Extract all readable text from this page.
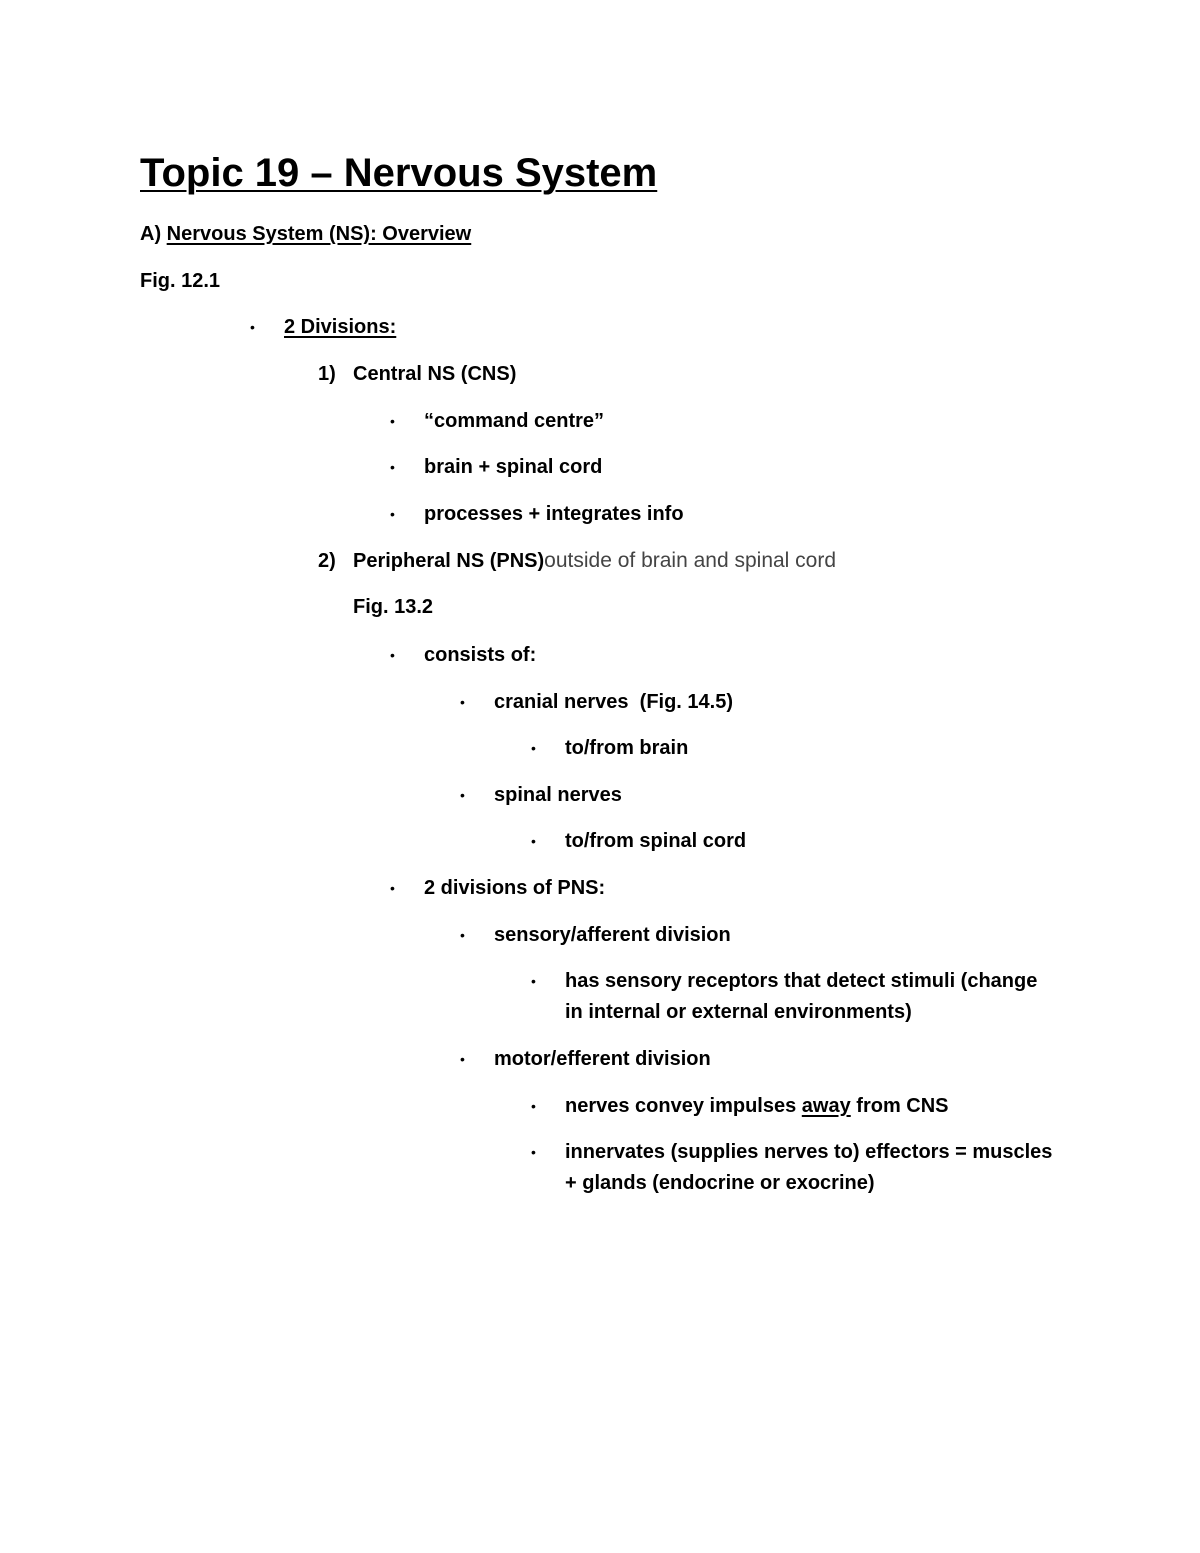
Topic 19 – Nervous System
A) Nervous System (NS): Overview
Fig. 12.1
• 2 Divisions:
1) Central NS (CNS)
• “command centre”
• brain + spinal cord
• processes + integrates info
2) Peripheral NS (PNS)outside of brain and spinal cord
Fig. 13.2
• consists of:
• cranial nerves (Fig. 14.5)
• to/from brain
• spinal nerves
• to/from spinal cord
• 2 divisions of PNS:
• sensory/afferent division
• has sensory receptors that detect stimuli (change
in internal or external environments)
• motor/efferent division
• nerves convey impulses away from CNS
• innervates (supplies nerves to) effectors = muscles
+ glands (endocrine or exocrine)
